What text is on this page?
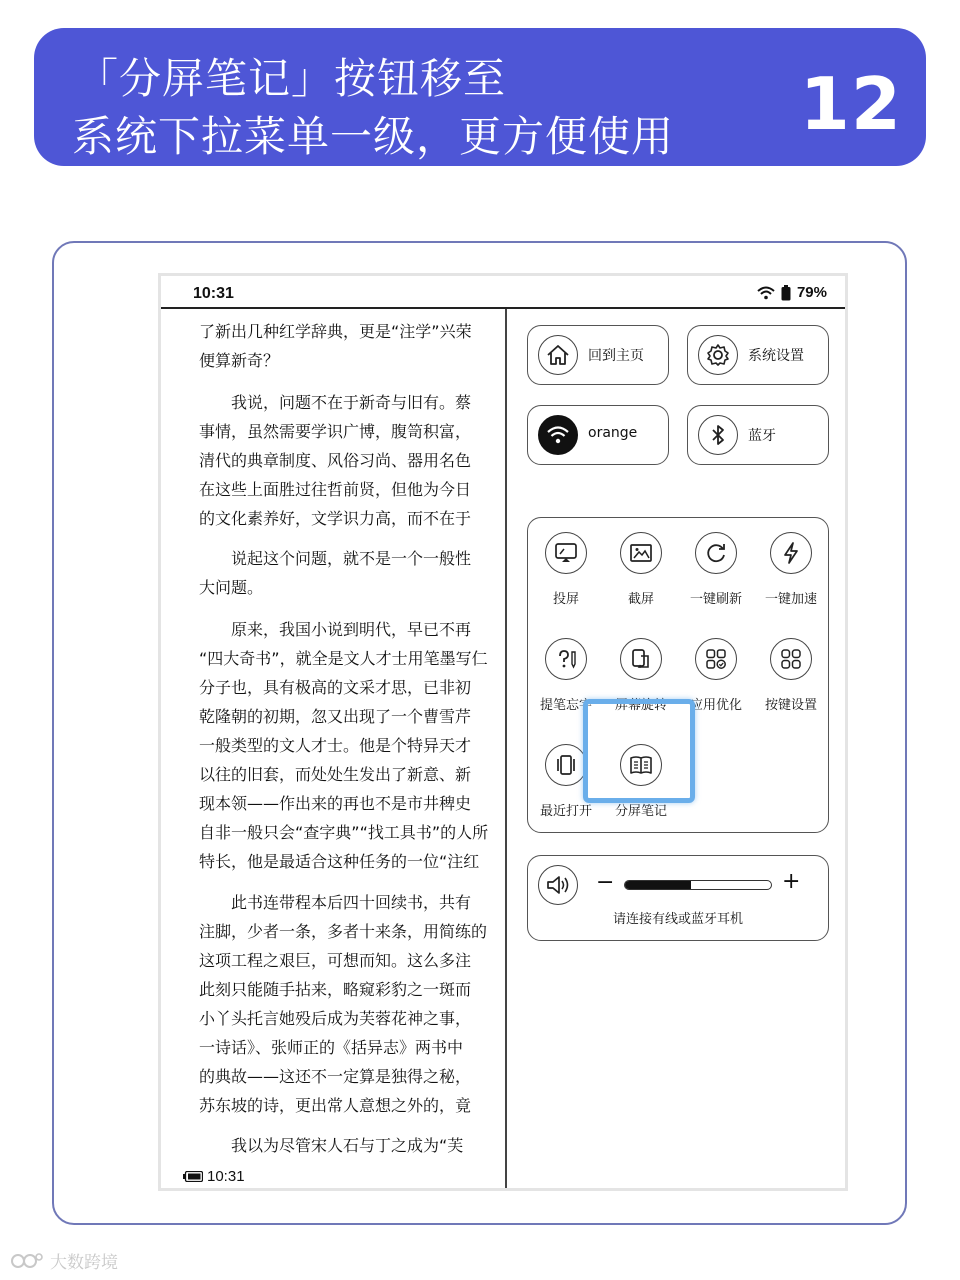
「分屏笔记」按钮移至
系统下拉菜单一级，更方便使用 12
10:31	79%

了新出几种红学辞典，更是“注学”兴荣

便算新奇？

　　我说，问题不在于新奇与旧有。蔡

事情，虽然需要学识广博，腹笥积富，

清代的典章制度、风俗习尚、器用名色

在这些上面胜过往哲前贤，但他为今日

的文化素养好，文学识力高，而不在于

　　说起这个问题，就不是一个一般性

大问题。

　　原来，我国小说到明代，早已不再

“四大奇书”，就全是文人才士用笔墨写仁

分子也，具有极高的文采才思，已非初

乾隆朝的初期，忽又出现了一个曹雪芹

一般类型的文人才士。他是个特异天才

以往的旧套，而处处生发出了新意、新

现本领——作出来的再也不是市井稗史

自非一般只会“查字典”“找工具书”的人所

特长，他是最适合这种任务的一位“注红

　　此书连带程本后四十回续书，共有

注脚，少者一条，多者十来条，用简练的

这项工程之艰巨，可想而知。这么多注

此刻只能随手拈来，略窥彩豹之一斑而

小丫头托言她殁后成为芙蓉花神之事，

一诗话》、张师正的《括异志》两书中

的典故——这还不一定算是独得之秘，

苏东坡的诗，更出常人意想之外的，竟

　　我以为尽管宋人石与丁之成为“芙

10:31
回到主页	系统设置
orange	蓝牙
投屏	截屏	一键刷新	一键加速
提笔忘字	屏幕旋转	应用优化	按键设置
最近打开	分屏笔记
−	+
请连接有线或蓝牙耳机
大数跨境
